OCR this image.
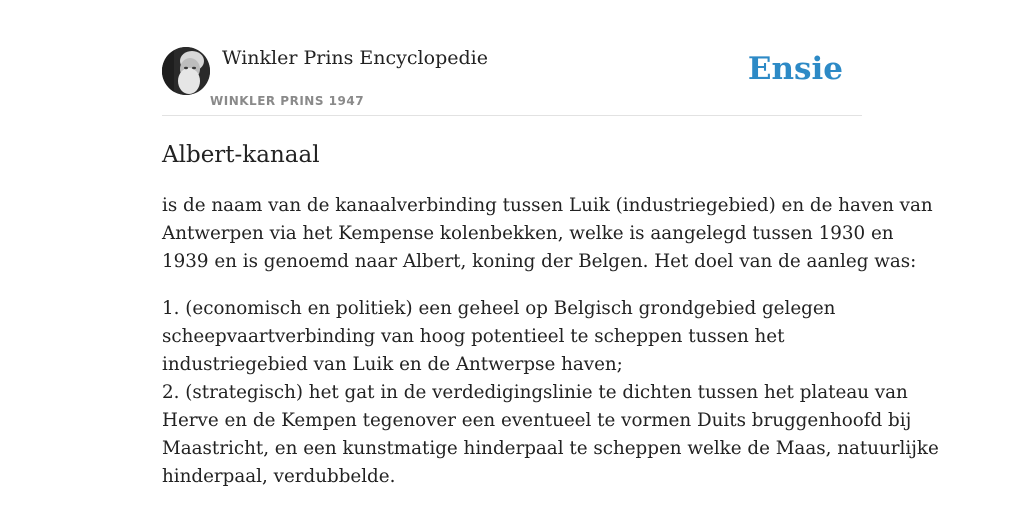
Winkler Prins Encyclopedie
WINKLER PRINS 1947
Ensie
Albert-kanaal

is de naam van de kanaalverbinding tussen Luik (industriegebied) en de haven van
Antwerpen via het Kempense kolenbekken, welke is aangelegd tussen 1930 en
1939 en is genoemd naar Albert, koning der Belgen. Het doel van de aanleg was:

1. (economisch en politiek) een geheel op Belgisch grondgebied gelegen
scheepvaartverbinding van hoog potentieel te scheppen tussen het
industriegebied van Luik en de Antwerpse haven;
2. (strategisch) het gat in de verdedigingslinie te dichten tussen het plateau van
Herve en de Kempen tegenover een eventueel te vormen Duits bruggenhoofd bij
Maastricht, en een kunstmatige hinderpaal te scheppen welke de Maas, natuurlijke
hinderpaal, verdubbelde.
